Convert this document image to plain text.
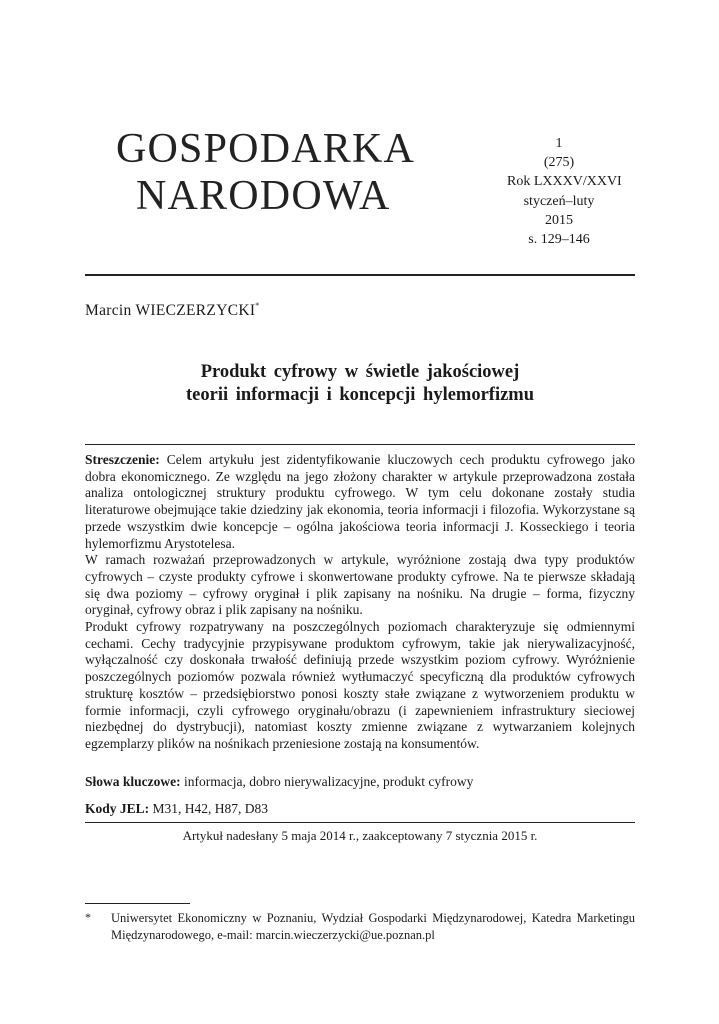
GOSPODARKA
NARODOWA
1
(275)
Rok LXXXV/XXVI
styczeń–luty
2015
s. 129–146
Marcin WIECZERZYCKI*
Produkt cyfrowy w świetle jakościowej
teorii informacji i koncepcji hylemorfizmu

Streszczenie: Celem artykułu jest zidentyfikowanie kluczowych cech produktu cyfrowego jako dobra ekonomicznego. Ze względu na jego złożony charakter w artykule przeprowadzona została analiza ontologicznej struktury produktu cyfrowego. W tym celu dokonane zostały studia literaturowe obejmujące takie dziedziny jak ekonomia, teoria informacji i filozofia. Wykorzystane są przede wszystkim dwie koncepcje – ogólna jakościowa teoria informacji J. Kosseckiego i teoria hylemorfizmu Arystotelesa.

W ramach rozważań przeprowadzonych w artykule, wyróżnione zostają dwa typy produktów cyfrowych – czyste produkty cyfrowe i skonwertowane produkty cyfrowe. Na te pierwsze składają się dwa poziomy – cyfrowy oryginał i plik zapisany na nośniku. Na drugie – forma, fizyczny oryginał, cyfrowy obraz i plik zapisany na nośniku.

Produkt cyfrowy rozpatrywany na poszczególnych poziomach charakteryzuje się odmiennymi cechami. Cechy tradycyjnie przypisywane produktom cyfrowym, takie jak nierywalizacyjność, wyłączalność czy doskonała trwałość definiują przede wszystkim poziom cyfrowy. Wyróżnienie poszczególnych poziomów pozwala również wytłumaczyć specyficzną dla produktów cyfrowych strukturę kosztów – przedsiębiorstwo ponosi koszty stałe związane z wytworzeniem produktu w formie informacji, czyli cyfrowego oryginału/obrazu (i zapewnieniem infrastruktury sieciowej niezbędnej do dystrybucji), natomiast koszty zmienne związane z wytwarzaniem kolejnych egzemplarzy plików na nośnikach przeniesione zostają na konsumentów.

Słowa kluczowe: informacja, dobro nierywalizacyjne, produkt cyfrowy
Kody JEL: M31, H42, H87, D83
Artykuł nadesłany 5 maja 2014 r., zaakceptowany 7 stycznia 2015 r.
* Uniwersytet Ekonomiczny w Poznaniu, Wydział Gospodarki Międzynarodowej, Katedra Marketingu Międzynarodowego, e-mail: marcin.wieczerzycki@ue.poznan.pl
